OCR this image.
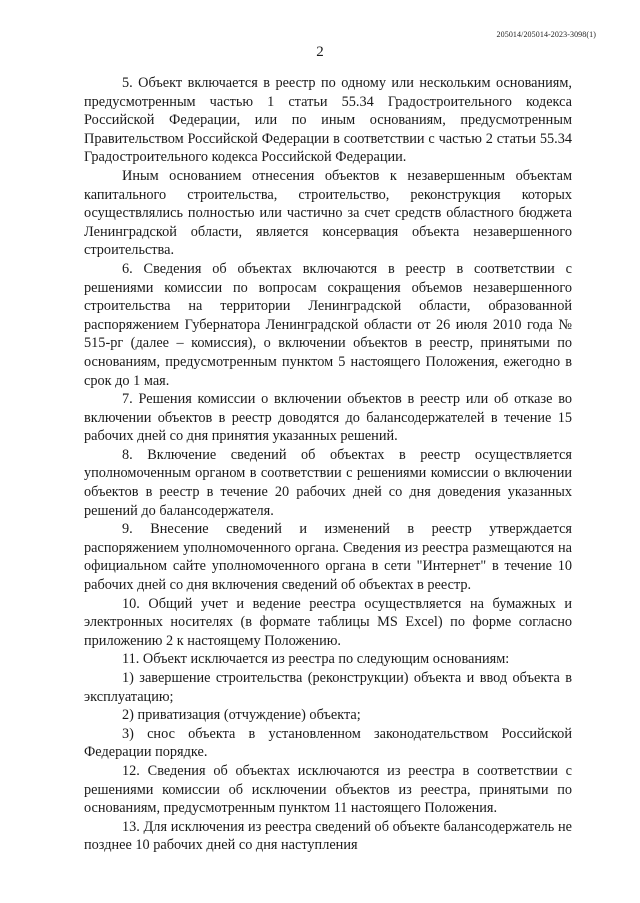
205014/205014-2023-3098(1)
2

5. Объект включается в реестр по одному или нескольким основаниям, предусмотренным частью 1 статьи 55.34 Градостроительного кодекса Российской Федерации, или по иным основаниям, предусмотренным Правительством Российской Федерации в соответствии с частью 2 статьи 55.34 Градостроительного кодекса Российской Федерации.

Иным основанием отнесения объектов к незавершенным объектам капитального строительства, строительство, реконструкция которых осуществлялись полностью или частично за счет средств областного бюджета Ленинградской области, является консервация объекта незавершенного строительства.

6. Сведения об объектах включаются в реестр в соответствии с решениями комиссии по вопросам сокращения объемов незавершенного строительства на территории Ленинградской области, образованной распоряжением Губернатора Ленинградской области от 26 июля 2010 года № 515-рг (далее – комиссия), о включении объектов в реестр, принятыми по основаниям, предусмотренным пунктом 5 настоящего Положения, ежегодно в срок до 1 мая.

7. Решения комиссии о включении объектов в реестр или об отказе во включении объектов в реестр доводятся до балансодержателей в течение 15 рабочих дней со дня принятия указанных решений.

8. Включение сведений об объектах в реестр осуществляется уполномоченным органом в соответствии с решениями комиссии о включении объектов в реестр в течение 20 рабочих дней со дня доведения указанных решений до балансодержателя.

9. Внесение сведений и изменений в реестр утверждается распоряжением уполномоченного органа. Сведения из реестра размещаются на официальном сайте уполномоченного органа в сети "Интернет" в течение 10 рабочих дней со дня включения сведений об объектах в реестр.

10. Общий учет и ведение реестра осуществляется на бумажных и электронных носителях (в формате таблицы MS Excel) по форме согласно приложению 2 к настоящему Положению.

11. Объект исключается из реестра по следующим основаниям:

1) завершение строительства (реконструкции) объекта и ввод объекта в эксплуатацию;

2) приватизация (отчуждение) объекта;

3) снос объекта в установленном законодательством Российской Федерации порядке.

12. Сведения об объектах исключаются из реестра в соответствии с решениями комиссии об исключении объектов из реестра, принятыми по основаниям, предусмотренным пунктом 11 настоящего Положения.

13. Для исключения из реестра сведений об объекте балансодержатель не позднее 10 рабочих дней со дня наступления
